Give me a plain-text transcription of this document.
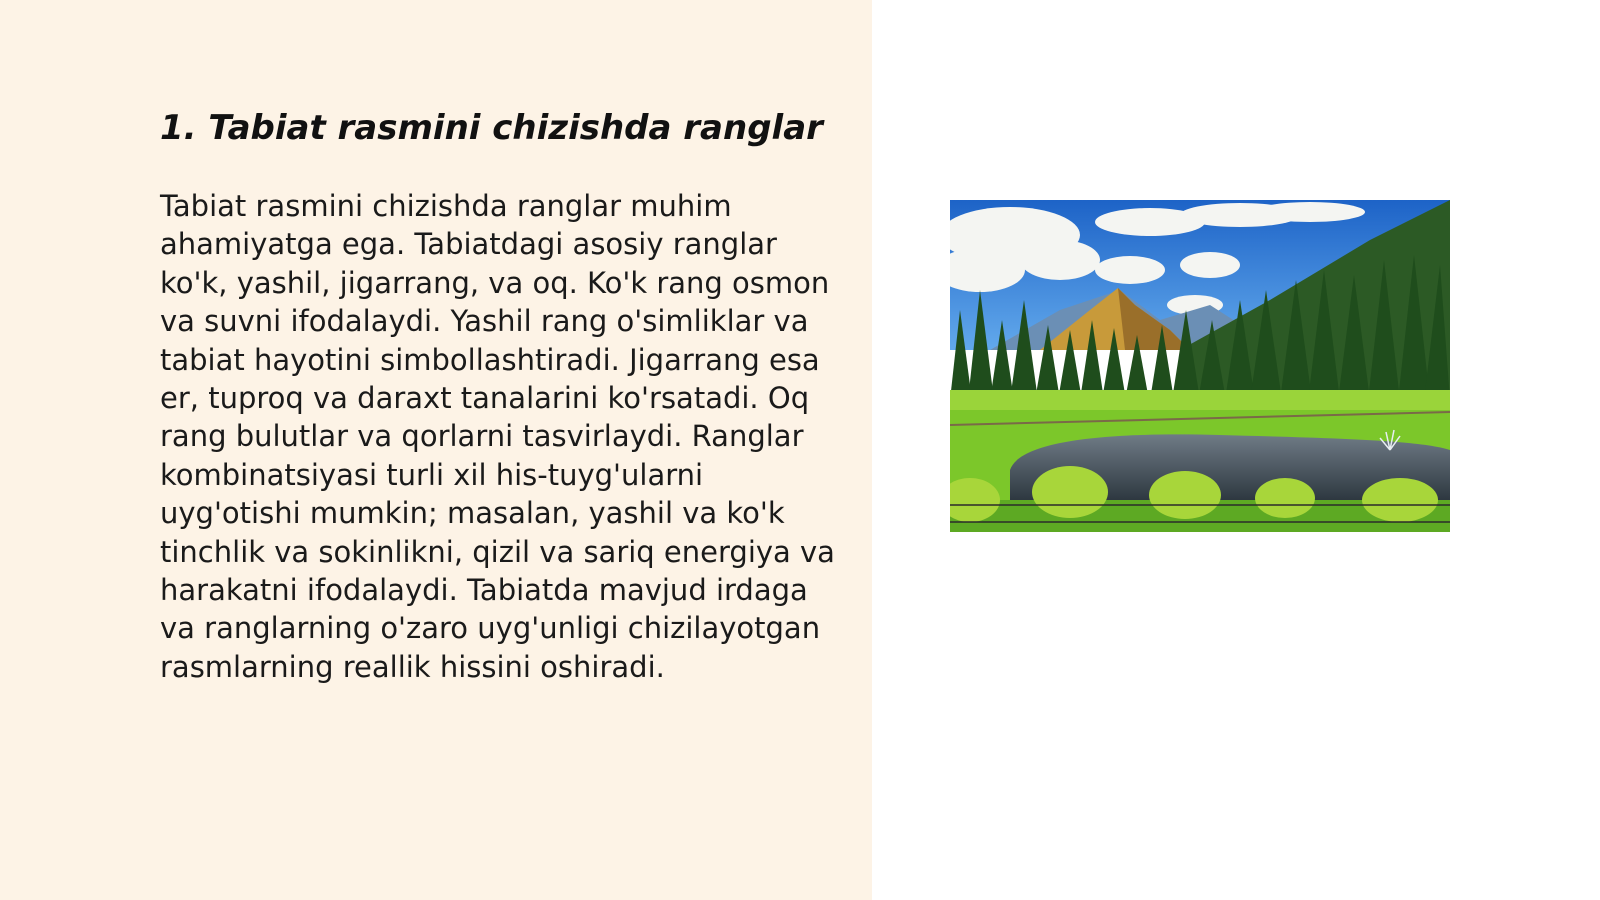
1. Tabiat rasmini chizishda ranglar

Tabiat rasmini chizishda ranglar muhim ahamiyatga ega. Tabiatdagi asosiy ranglar ko'k, yashil, jigarrang, va oq. Ko'k rang osmon va suvni ifodalaydi. Yashil rang o'simliklar va tabiat hayotini simbollashtiradi. Jigarrang esa er, tuproq va daraxt tanalarini ko'rsatadi. Oq rang bulutlar va qorlarni tasvirlaydi. Ranglar kombinatsiyasi turli xil his-tuyg'ularni uyg'otishi mumkin; masalan, yashil va ko'k tinchlik va sokinlikni, qizil va sariq energiya va harakatni ifodalaydi. Tabiatda mavjud irdaga va ranglarning o'zaro uyg'unligi chizilayotgan rasmlarning reallik hissini oshiradi.
